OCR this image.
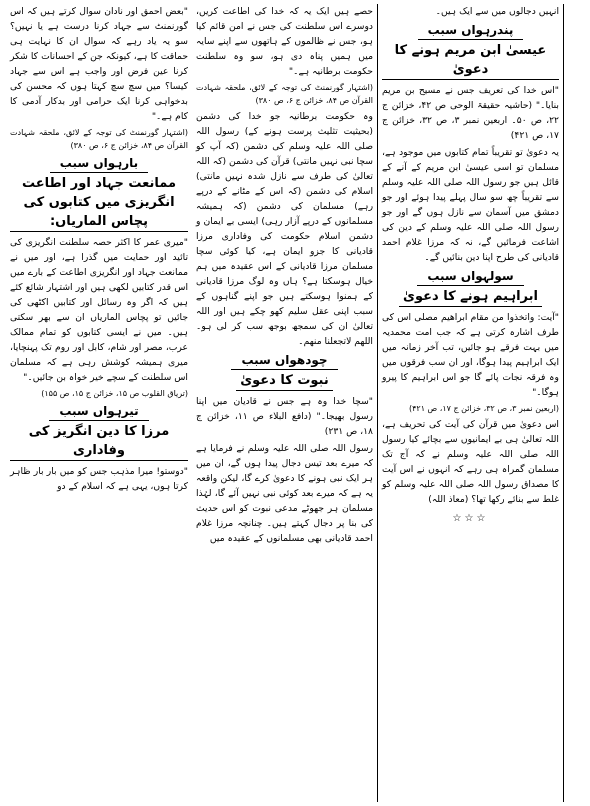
"بعض احمق اور نادان سوال کرتے ہیں کہ اس گورنمنٹ سے جہاد کرنا درست ہے یا نہیں؟ سو یہ یاد رہے کہ سوال ان کا نہایت ہی حماقت کا ہے، کیونکہ جن کے احسانات کا شکر کرنا عین فرض اور واجب ہے اس سے جہاد کیسا؟ میں سچ سچ کہتا ہوں کہ محسن کی بدخواہی کرنا ایک حرامی اور بدکار آدمی کا کام ہے۔"

(اشتہار گورنمنٹ کی توجہ کے لائق، ملحقہ شہادت القرآن ص ۸۴، خزائن ج ۶، ص ۳۸۰)

بارہواں سبب
ممانعت جہاد اور اطاعت انگریزی میں کتابوں کی پچاس الماریاں:

"میری عمر کا اکثر حصہ سلطنت انگریزی کی تائید اور حمایت میں گذرا ہے، اور میں نے ممانعت جہاد اور انگریزی اطاعت کے بارے میں اس قدر کتابیں لکھی ہیں اور اشتہار شائع کئے ہیں کہ اگر وہ رسائل اور کتابیں اکٹھی کی جائیں تو پچاس الماریاں ان سے بھر سکتی ہیں۔ میں نے ایسی کتابوں کو تمام ممالک عرب، مصر اور شام، کابل اور روم تک پہنچایا، میری ہمیشہ کوشش رہی ہے کہ مسلمان اس سلطنت کے سچے خیر خواہ بن جائیں۔"

(تریاق القلوب ص ۱۵، خزائن ج ۱۵، ص ۱۵۵)

تیرہواں سبب
مرزا کا دین انگریز کی وفاداری

"دوستو! میرا مذہب جس کو میں بار بار ظاہر کرتا ہوں، یہی ہے کہ اسلام کے دو

حصے ہیں ایک یہ کہ خدا کی اطاعت کریں، دوسرے اس سلطنت کی جس نے امن قائم کیا ہو، جس نے ظالموں کے ہاتھوں سے اپنے سایہ میں ہمیں پناہ دی ہو، سو وہ سلطنت حکومت برطانیہ ہے۔"

(اشتہار گورنمنٹ کی توجہ کے لائق، ملحقہ شہادت القرآن ص ۸۴، خزائن ج ۶، ص ۳۸۰)

وہ حکومت برطانیہ جو خدا کی دشمن (بحیثیت تثلیث پرست ہونے کے) رسول اللہ صلی اللہ علیہ وسلم کی دشمن (کہ آپ کو سچا نبی نہیں مانتی) قرآن کی دشمن (کہ اللہ تعالیٰ کی طرف سے نازل شدہ نہیں مانتی) اسلام کی دشمن (کہ اس کے مٹانے کے درپے رہے) مسلمان کی دشمن (کہ ہمیشہ مسلمانوں کے درپے آزار رہی) ایسی بے ایمان و دشمن اسلام حکومت کی وفاداری مرزا قادیانی کا جزو ایمان ہے، کیا کوئی سچا مسلمان مرزا قادیانی کے اس عقیدہ میں ہم خیال ہوسکتا ہے؟ ہاں وہ لوگ مرزا قادیانی کے ہمنوا ہوسکتے ہیں جو اپنے گناہوں کے سبب اپنی عقل سلیم کھو چکے ہیں اور اللہ تعالیٰ ان کی سمجھ بوجھ سب کر لی ہو۔ اللھم لاتجعلنا منھم۔

چودھواں سبب
نبوت کا دعویٰ

"سچا خدا وہ ہے جس نے قادیان میں اپنا رسول بھیجا۔" (دافع البلاء ص ۱۱، خزائن ج ۱۸، ص ۲۳۱)

رسول اللہ صلی اللہ علیہ وسلم نے فرمایا ہے کہ میرے بعد تیس دجال پیدا ہوں گے، ان میں ہر ایک نبی ہونے کا دعویٰ کرے گا، لیکن واقعہ یہ ہے کہ میرے بعد کوئی نبی نہیں آئے گا، لہٰذا مسلمان ہر جھوٹے مدعی نبوت کو اس حدیث کی بنا پر دجال کہتے ہیں۔ چنانچہ مرزا غلام احمد قادیانی بھی مسلمانوں کے عقیدہ میں

انہیں دجالوں میں سے ایک ہیں۔

پندرہواں سبب
عیسیٰ ابن مریم ہونے کا دعویٰ

"اس خدا کی تعریف جس نے مسیح بن مریم بنایا۔" (حاشیہ حقیقۃ الوحی ص ۴۲، خزائن ج ۲۲، ص ۵۰۔ اربعین نمبر ۳، ص ۳۲، خزائن ج ۱۷، ص ۴۲۱)

یہ دعویٰ تو تقریباً تمام کتابوں میں موجود ہے، مسلمان تو اسی عیسیٰ ابن مریم کے آنے کے قائل ہیں جو رسول اللہ صلی اللہ علیہ وسلم سے تقریباً چھ سو سال پہلے پیدا ہوئے اور جو دمشق میں آسمان سے نازل ہوں گے اور جو رسول اللہ صلی اللہ علیہ وسلم کے دین کی اشاعت فرمائیں گے، نہ کہ مرزا غلام احمد قادیانی کی طرح اپنا دین بنائیں گے۔

سولہواں سبب
ابراہیم ہونے کا دعویٰ

"آیت: واتخذوا من مقام ابراھیم مصلی اس کی طرف اشارہ کرتی ہے کہ جب امت محمدیہ میں بہت فرقے ہو جائیں، تب آخر زمانہ میں ایک ابراہیم پیدا ہوگا، اور ان سب فرقوں میں وہ فرقہ نجات پائے گا جو اس ابراہیم کا پیرو ہوگا۔"

(اربعین نمبر ۳، ص ۳۲، خزائن ج ۱۷، ص ۴۲۱)

اس دعویٰ میں قرآن کی آیت کی تحریف ہے، اللہ تعالیٰ ہی بے ایمانیوں سے بچائے کیا رسول اللہ صلی اللہ علیہ وسلم نے کہ آج تک مسلمان گمراہ ہی رہے کہ انہوں نے اس آیت کا مصداق رسول اللہ صلی اللہ علیہ وسلم کو غلط سے بنائے رکھا تھا؟ (معاذ اللہ)

☆☆☆
